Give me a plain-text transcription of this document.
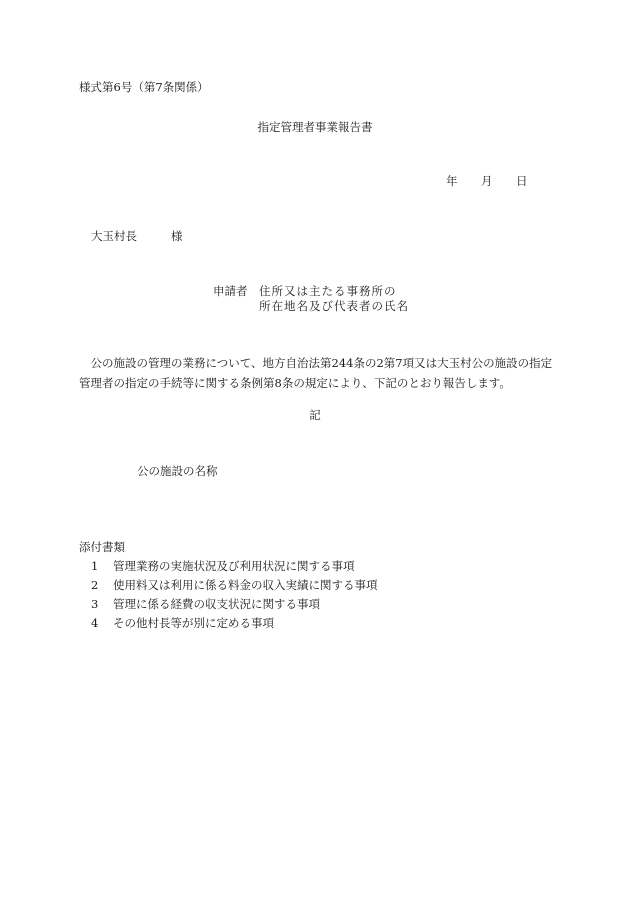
様式第6号（第7条関係）
指定管理者事業報告書
年 月 日
大玉村長	様
申請者 住所又は主たる事務所の
所在地名及び代表者の氏名
　公の施設の管理の業務について、地方自治法第244条の2第7項又は大玉村公の施設の指定
管理者の指定の手続等に関する条例第8条の規定により、下記のとおり報告します。
記
公の施設の名称
添付書類
1 管理業務の実施状況及び利用状況に関する事項
2 使用料又は利用に係る料金の収入実績に関する事項
3 管理に係る経費の収支状況に関する事項
4 その他村長等が別に定める事項
